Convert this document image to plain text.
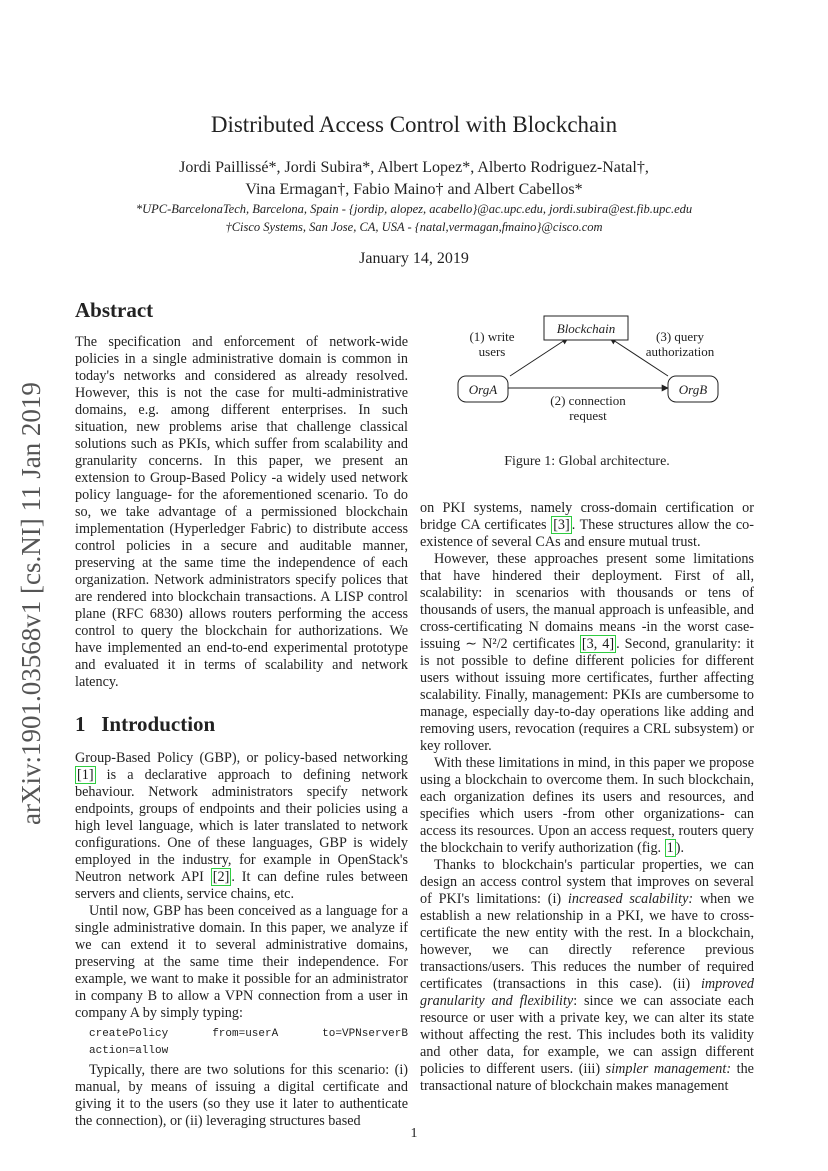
arXiv:1901.03568v1 [cs.NI] 11 Jan 2019
Distributed Access Control with Blockchain
Jordi Paillissé*, Jordi Subira*, Albert Lopez*, Alberto Rodriguez-Natal†,
Vina Ermagan†, Fabio Maino† and Albert Cabellos*
*UPC-BarcelonaTech, Barcelona, Spain - {jordip, alopez, acabello}@ac.upc.edu, jordi.subira@est.fib.upc.edu
†Cisco Systems, San Jose, CA, USA - {natal,vermagan,fmaino}@cisco.com
January 14, 2019
Abstract

The specification and enforcement of network-wide policies in a single administrative domain is common in today's networks and considered as already resolved. However, this is not the case for multi-administrative domains, e.g. among different enterprises. In such situation, new problems arise that challenge classical solutions such as PKIs, which suffer from scalability and granularity concerns. In this paper, we present an extension to Group-Based Policy -a widely used network policy language- for the aforementioned scenario. To do so, we take advantage of a permissioned blockchain implementation (Hyperledger Fabric) to distribute access control policies in a secure and auditable manner, preserving at the same time the independence of each organization. Network administrators specify polices that are rendered into blockchain transactions. A LISP control plane (RFC 6830) allows routers performing the access control to query the blockchain for authorizations. We have implemented an end-to-end experimental prototype and evaluated it in terms of scalability and network latency.

1 Introduction

Group-Based Policy (GBP), or policy-based networking [1] is a declarative approach to defining network behaviour. Network administrators specify network endpoints, groups of endpoints and their policies using a high level language, which is later translated to network configurations. One of these languages, GBP is widely employed in the industry, for example in OpenStack's Neutron network API [2] . It can define rules between servers and clients, service chains, etc.

Until now, GBP has been conceived as a language for a single administrative domain. In this paper, we analyze if we can extend it to several administrative domains, preserving at the same time their independence. For example, we want to make it possible for an administrator in company B to allow a VPN connection from a user in company A by simply typing:

createPolicy from=userA to=VPNserverB action=allow

Typically, there are two solutions for this scenario: (i) manual, by means of issuing a digital certificate and giving it to the users (so they use it later to authenticate the connection), or (ii) leveraging structures based

Blockchain
OrgA	OrgB
(1) write
users
(3) query
authorization
(2) connection
request
Figure 1: Global architecture.

on PKI systems, namely cross-domain certification or bridge CA certificates [3] . These structures allow the co-existence of several CAs and ensure mutual trust.

However, these approaches present some limitations that have hindered their deployment. First of all, scalability: in scenarios with thousands or tens of thousands of users, the manual approach is unfeasible, and cross-certificating N domains means -in the worst case- issuing ∼ N²/2 certificates [3, 4] . Second, granularity: it is not possible to define different policies for different users without issuing more certificates, further affecting scalability. Finally, management: PKIs are cumbersome to manage, especially day-to-day operations like adding and removing users, revocation (requires a CRL subsystem) or key rollover.

With these limitations in mind, in this paper we propose using a blockchain to overcome them. In such blockchain, each organization defines its users and resources, and specifies which users -from other organizations- can access its resources. Upon an access request, routers query the blockchain to verify authorization (fig. 1 ).

Thanks to blockchain's particular properties, we can design an access control system that improves on several of PKI's limitations: (i) increased scalability: when we establish a new relationship in a PKI, we have to cross-certificate the new entity with the rest. In a blockchain, however, we can directly reference previous transactions/users. This reduces the number of required certificates (transactions in this case). (ii) improved granularity and flexibility: since we can associate each resource or user with a private key, we can alter its state without affecting the rest. This includes both its validity and other data, for example, we can assign different policies to different users. (iii) simpler management: the transactional nature of blockchain makes management

1
